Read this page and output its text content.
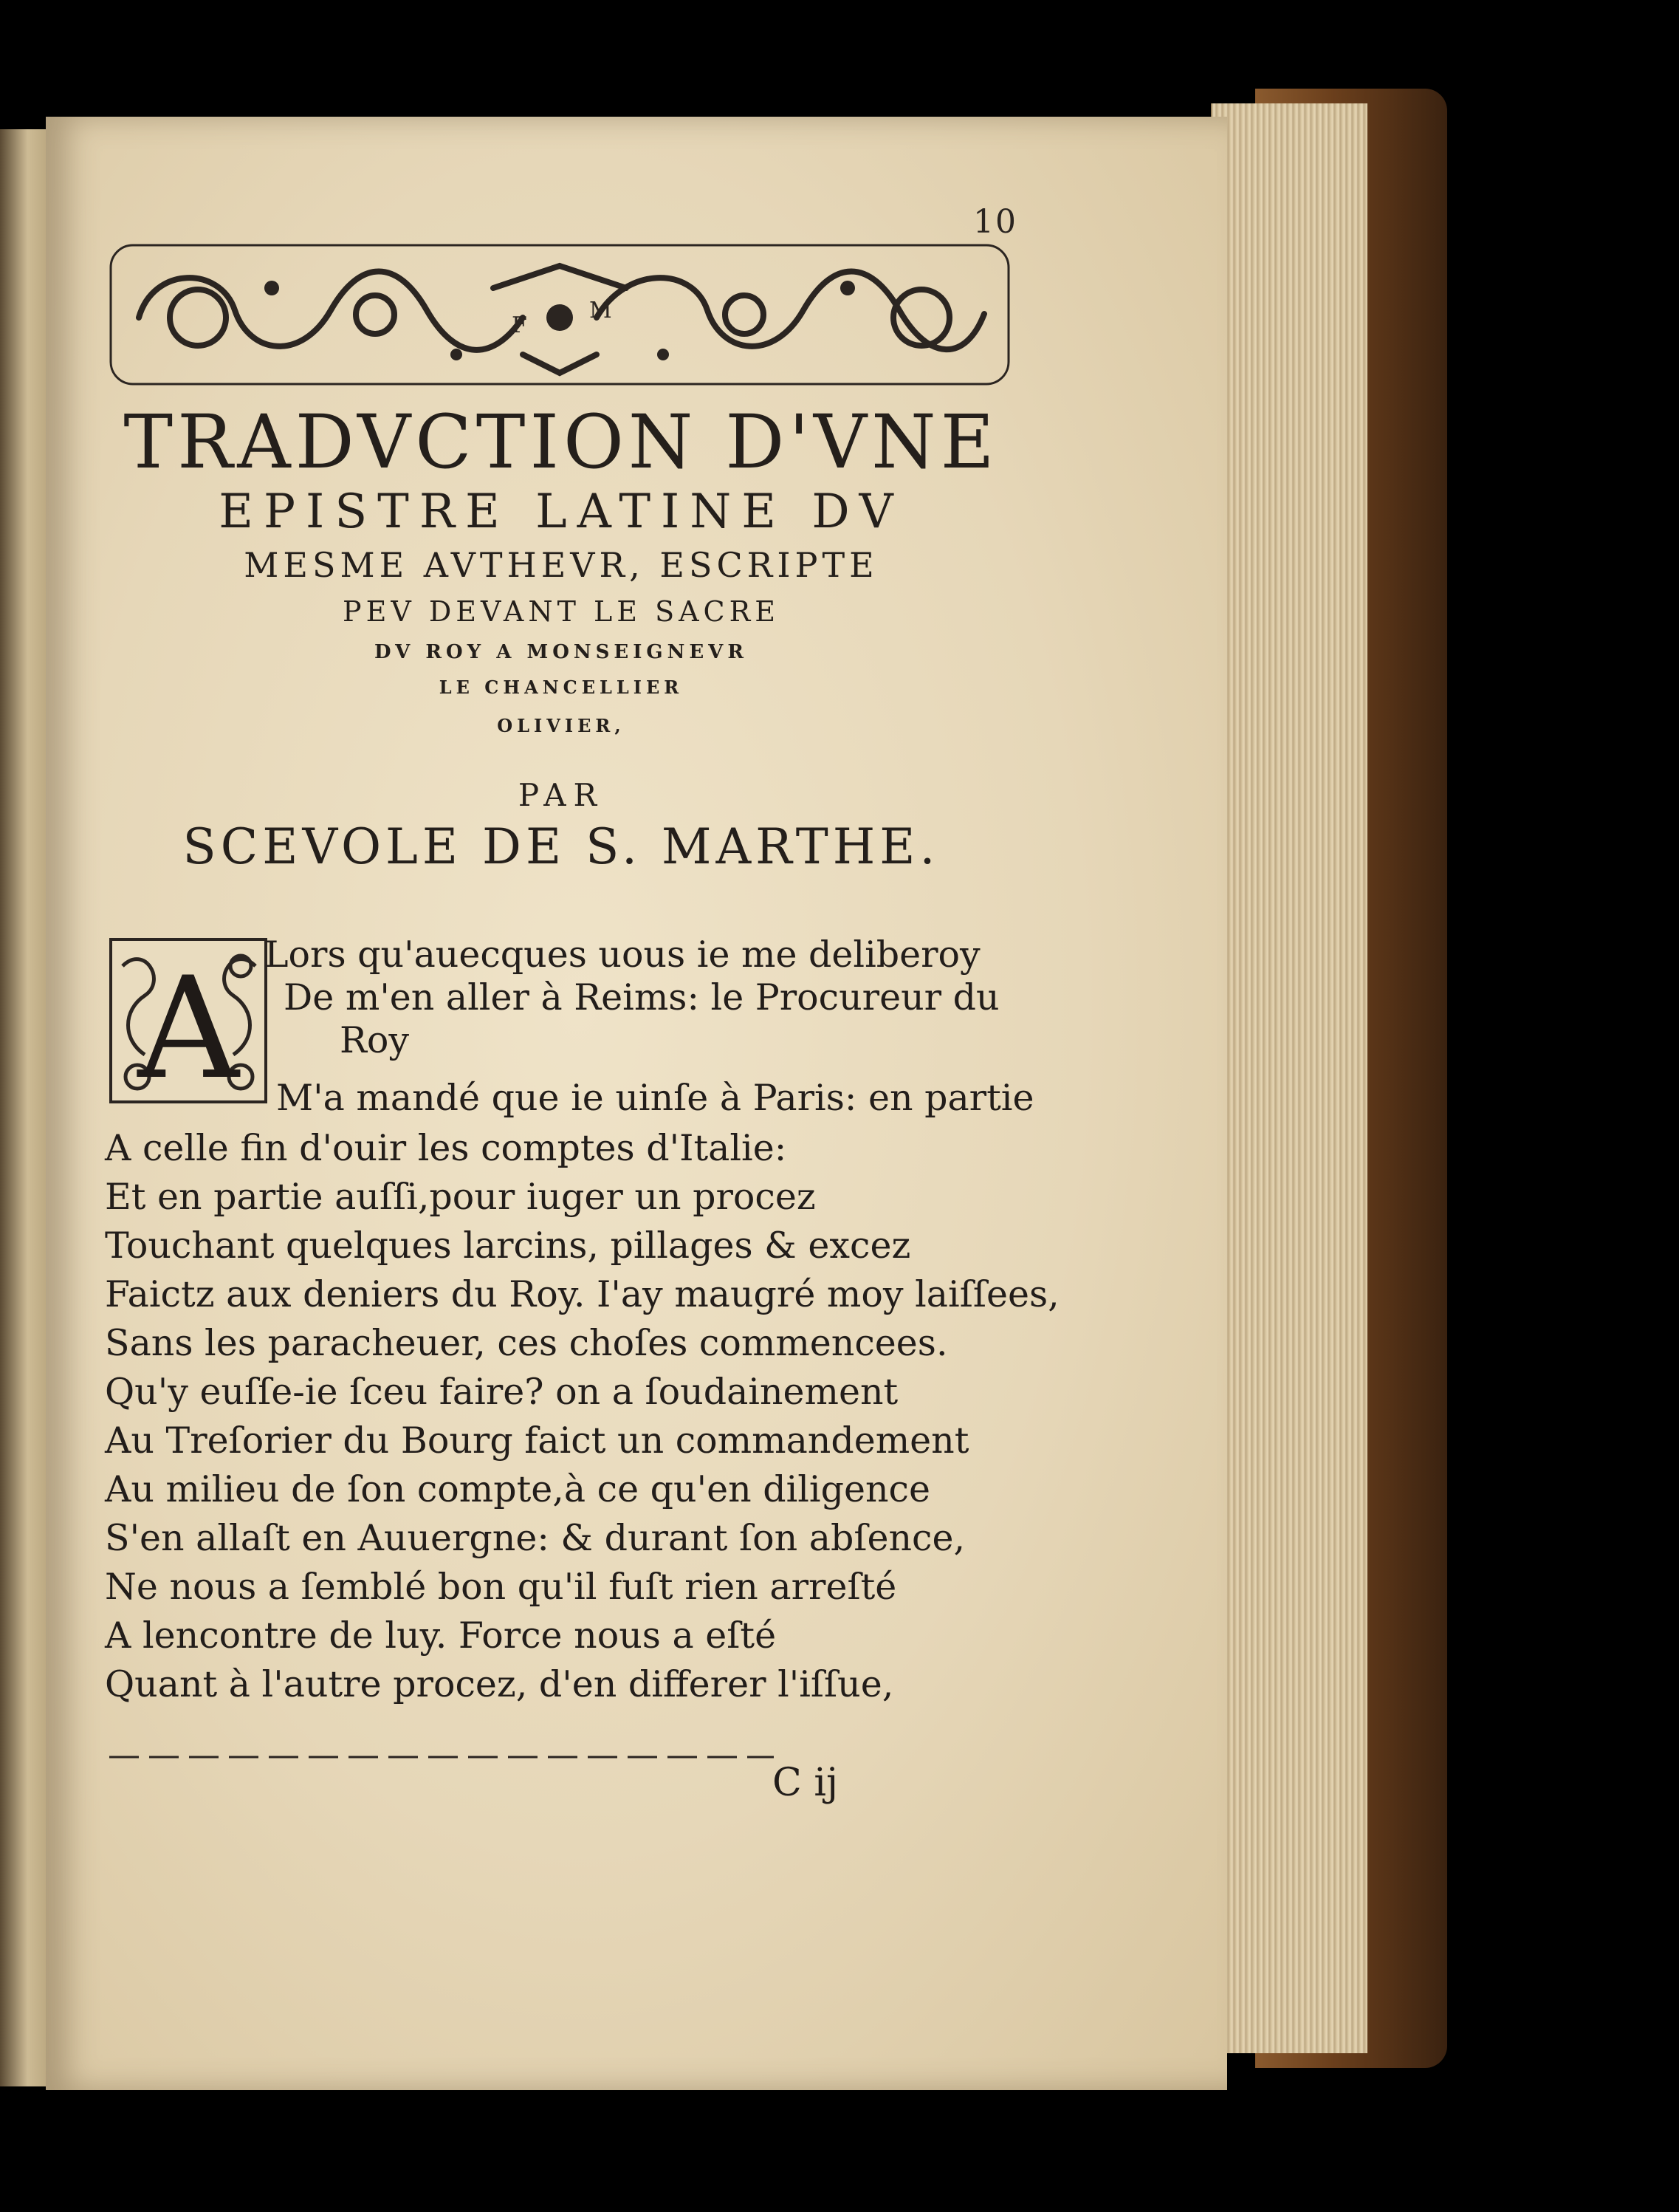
10
F
M
TRADVCTION D'VNE
EPISTRE LATINE DV
MESME AVTHEVR, ESCRIPTE
PEV DEVANT LE SACRE
DV ROY A MONSEIGNEVR
LE CHANCELLIER
OLIVIER,
PAR
SCEVOLE DE S. MARTHE.
A Lors qu'auecques uous ie me deliberoy
De m'en aller à Reims: le Procureur du
Roy
M'a mandé que ie uinſe à Paris: en partie
A celle fin d'ouir les comptes d'Italie:
Et en partie auſſi,pour iuger un procez
Touchant quelques larcins, pillages & excez
Faictz aux deniers du Roy. I'ay maugré moy laiſſees,
Sans les paracheuer, ces choſes commencees.
Qu'y euſſe-ie ſceu faire? on a ſoudainement
Au Treſorier du Bourg faict un commandement
Au milieu de ſon compte,à ce qu'en diligence
S'en allaſt en Auuergne: & durant ſon abſence,
Ne nous a ſemblé bon qu'il fuſt rien arreſté
A lencontre de luy. Force nous a eſté
Quant à l'autre procez, d'en differer l'iſſue,
C ij
